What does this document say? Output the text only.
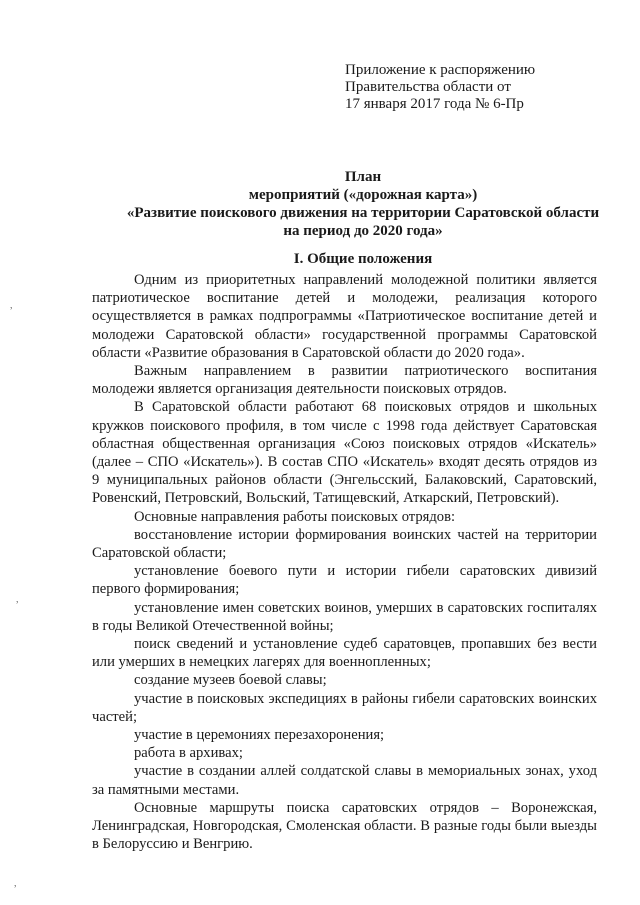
Приложение к распоряжению
Правительства области от
17 января 2017 года № 6-Пр
План
мероприятий («дорожная карта»)
«Развитие поискового движения на территории Саратовской области
на период до 2020 года»
I. Общие положения

Одним из приоритетных направлений молодежной политики является патриотическое воспитание детей и молодежи, реализация которого осуществляется в рамках подпрограммы «Патриотическое воспитание детей и молодежи Саратовской области» государственной программы Саратовской области «Развитие образования в Саратовской области до 2020 года».

Важным направлением в развитии патриотического воспитания молодежи является организация деятельности поисковых отрядов.

В Саратовской области работают 68 поисковых отрядов и школьных кружков поискового профиля, в том числе с 1998 года действует Саратовская областная общественная организация «Союз поисковых отрядов «Искатель» (далее – СПО «Искатель»). В состав СПО «Искатель» входят десять отрядов из 9 муниципальных районов области (Энгельсский, Балаковский, Саратовский, Ровенский, Петровский, Вольский, Татищевский, Аткарский, Петровский).

Основные направления работы поисковых отрядов:

восстановление истории формирования воинских частей на территории Саратовской области;

установление боевого пути и истории гибели саратовских дивизий первого формирования;

установление имен советских воинов, умерших в саратовских госпиталях в годы Великой Отечественной войны;

поиск сведений и установление судеб саратовцев, пропавших без вести или умерших в немецких лагерях для военнопленных;

создание музеев боевой славы;

участие в поисковых экспедициях в районы гибели саратовских воинских частей;

участие в церемониях перезахоронения;

работа в архивах;

участие в создании аллей солдатской славы в мемориальных зонах, уход за памятными местами.

Основные маршруты поиска саратовских отрядов – Воронежская, Ленинградская, Новгородская, Смоленская области. В разные годы были выезды в Белоруссию и Венгрию.

,
,
,
